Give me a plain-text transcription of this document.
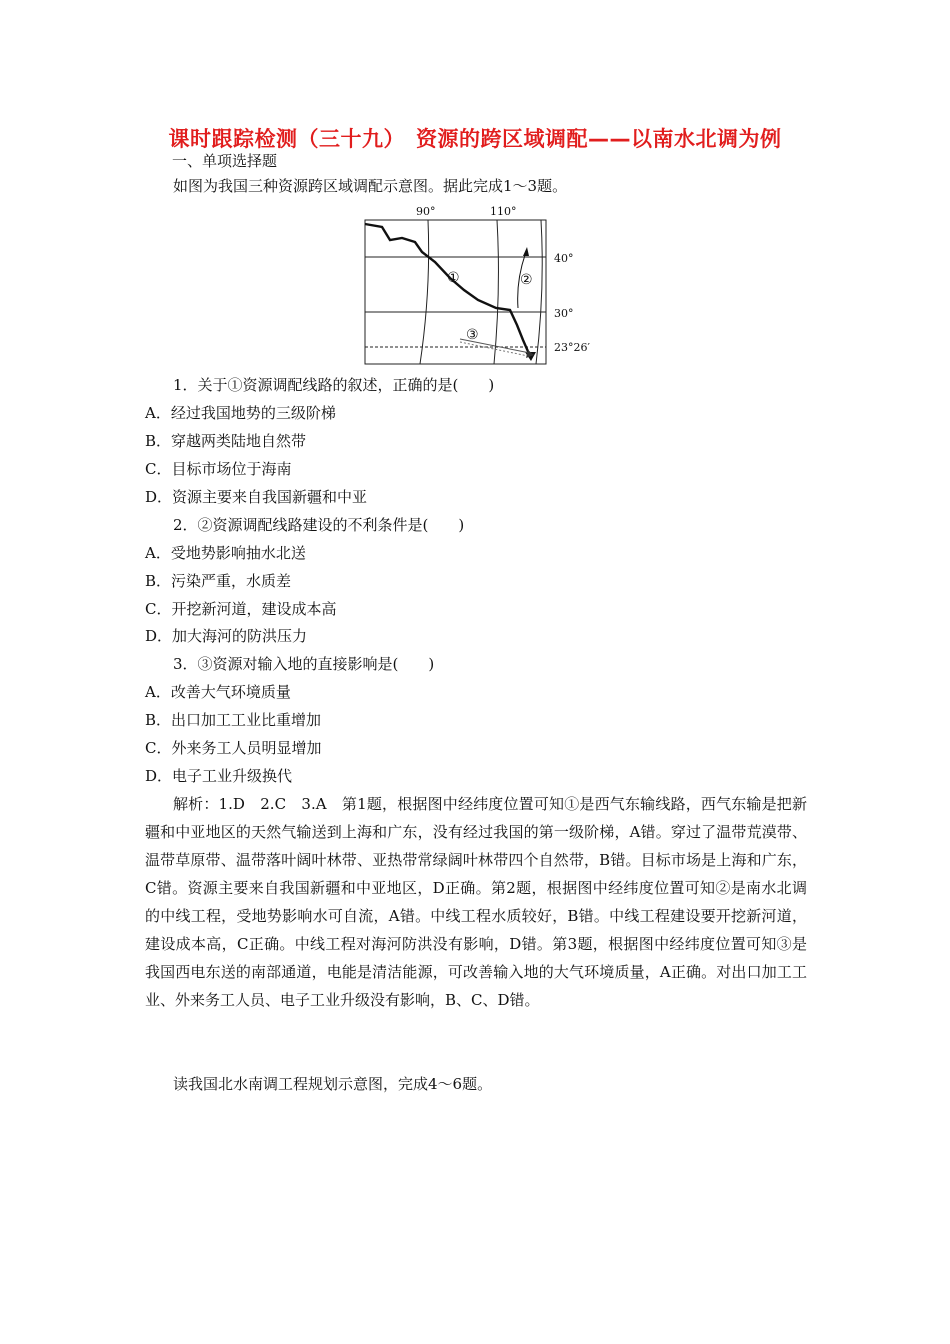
课时跟踪检测（三十九）　资源的跨区域调配——以南水北调为例
一、单项选择题
如图为我国三种资源跨区域调配示意图。据此完成1～3题。
90°	110°
40°
30°
23°26′
①	②
③
1．关于①资源调配线路的叙述，正确的是(　　)
A．经过我国地势的三级阶梯
B．穿越两类陆地自然带
C．目标市场位于海南
D．资源主要来自我国新疆和中亚
2．②资源调配线路建设的不利条件是(　　)
A．受地势影响抽水北送
B．污染严重，水质差
C．开挖新河道，建设成本高
D．加大海河的防洪压力
3．③资源对输入地的直接影响是(　　)
A．改善大气环境质量
B．出口加工工业比重增加
C．外来务工人员明显增加
D．电子工业升级换代
解析：1.D　2.C　3.A　第1题，根据图中经纬度位置可知①是西气东输线路，西气东输是把新疆和中亚地区的天然气输送到上海和广东，没有经过我国的第一级阶梯，A错。穿过了温带荒漠带、温带草原带、温带落叶阔叶林带、亚热带常绿阔叶林带四个自然带，B错。目标市场是上海和广东，C错。资源主要来自我国新疆和中亚地区，D正确。第2题，根据图中经纬度位置可知②是南水北调的中线工程，受地势影响水可自流，A错。中线工程水质较好，B错。中线工程建设要开挖新河道，建设成本高，C正确。中线工程对海河防洪没有影响，D错。第3题，根据图中经纬度位置可知③是我国西电东送的南部通道，电能是清洁能源，可改善输入地的大气环境质量，A正确。对出口加工工业、外来务工人员、电子工业升级没有影响，B、C、D错。
读我国北水南调工程规划示意图，完成4～6题。
